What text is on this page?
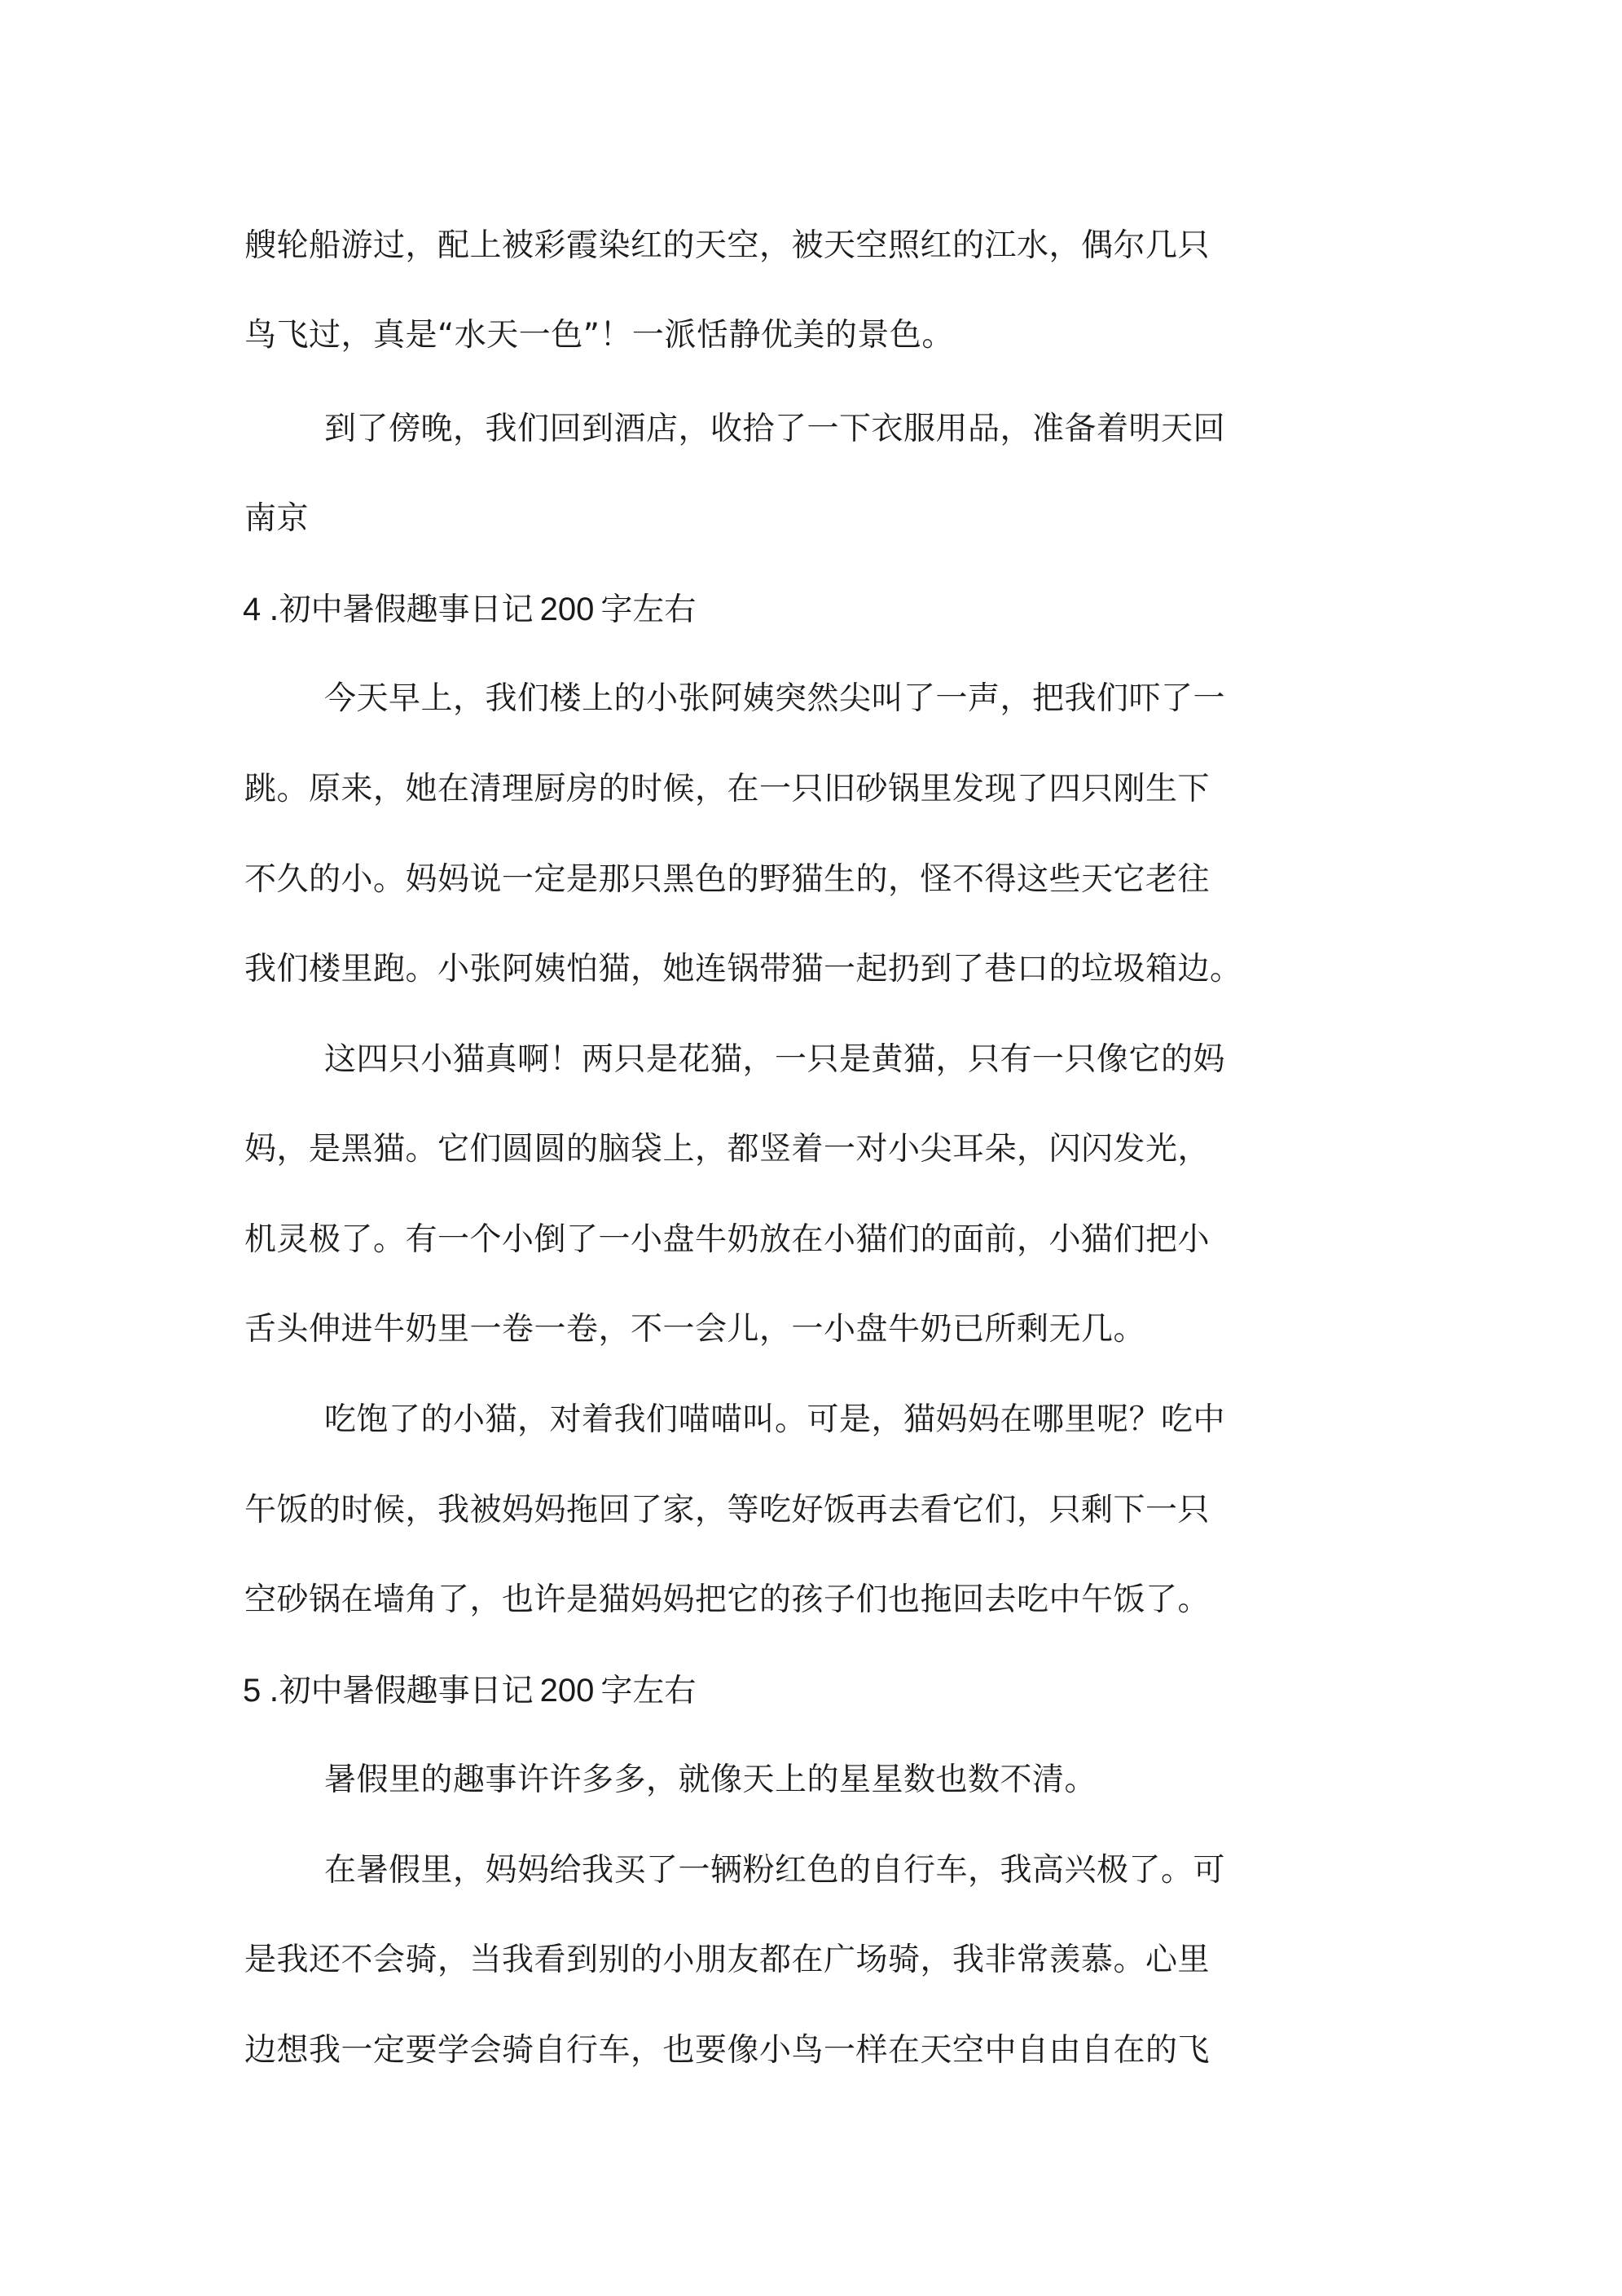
艘轮船游过，配上被彩霞染红的天空，被天空照红的江水，偶尔几只
鸟飞过，真是“水天一色”！一派恬静优美的景色。
到了傍晚，我们回到酒店，收拾了一下衣服用品，准备着明天回
南京
4 .初中暑假趣事日记 200 字左右
今天早上，我们楼上的小张阿姨突然尖叫了一声，把我们吓了一
跳。原来，她在清理厨房的时候，在一只旧砂锅里发现了四只刚生下
不久的小。妈妈说一定是那只黑色的野猫生的，怪不得这些天它老往
我们楼里跑。小张阿姨怕猫，她连锅带猫一起扔到了巷口的垃圾箱边。
这四只小猫真啊！两只是花猫，一只是黄猫，只有一只像它的妈
妈，是黑猫。它们圆圆的脑袋上，都竖着一对小尖耳朵，闪闪发光，
机灵极了。有一个小倒了一小盘牛奶放在小猫们的面前，小猫们把小
舌头伸进牛奶里一卷一卷，不一会儿，一小盘牛奶已所剩无几。
吃饱了的小猫，对着我们喵喵叫。可是，猫妈妈在哪里呢？吃中
午饭的时候，我被妈妈拖回了家，等吃好饭再去看它们，只剩下一只
空砂锅在墙角了，也许是猫妈妈把它的孩子们也拖回去吃中午饭了。
5 .初中暑假趣事日记 200 字左右
暑假里的趣事许许多多，就像天上的星星数也数不清。
在暑假里，妈妈给我买了一辆粉红色的自行车，我高兴极了。可
是我还不会骑，当我看到别的小朋友都在广场骑，我非常羡慕。心里
边想我一定要学会骑自行车，也要像小鸟一样在天空中自由自在的飞
